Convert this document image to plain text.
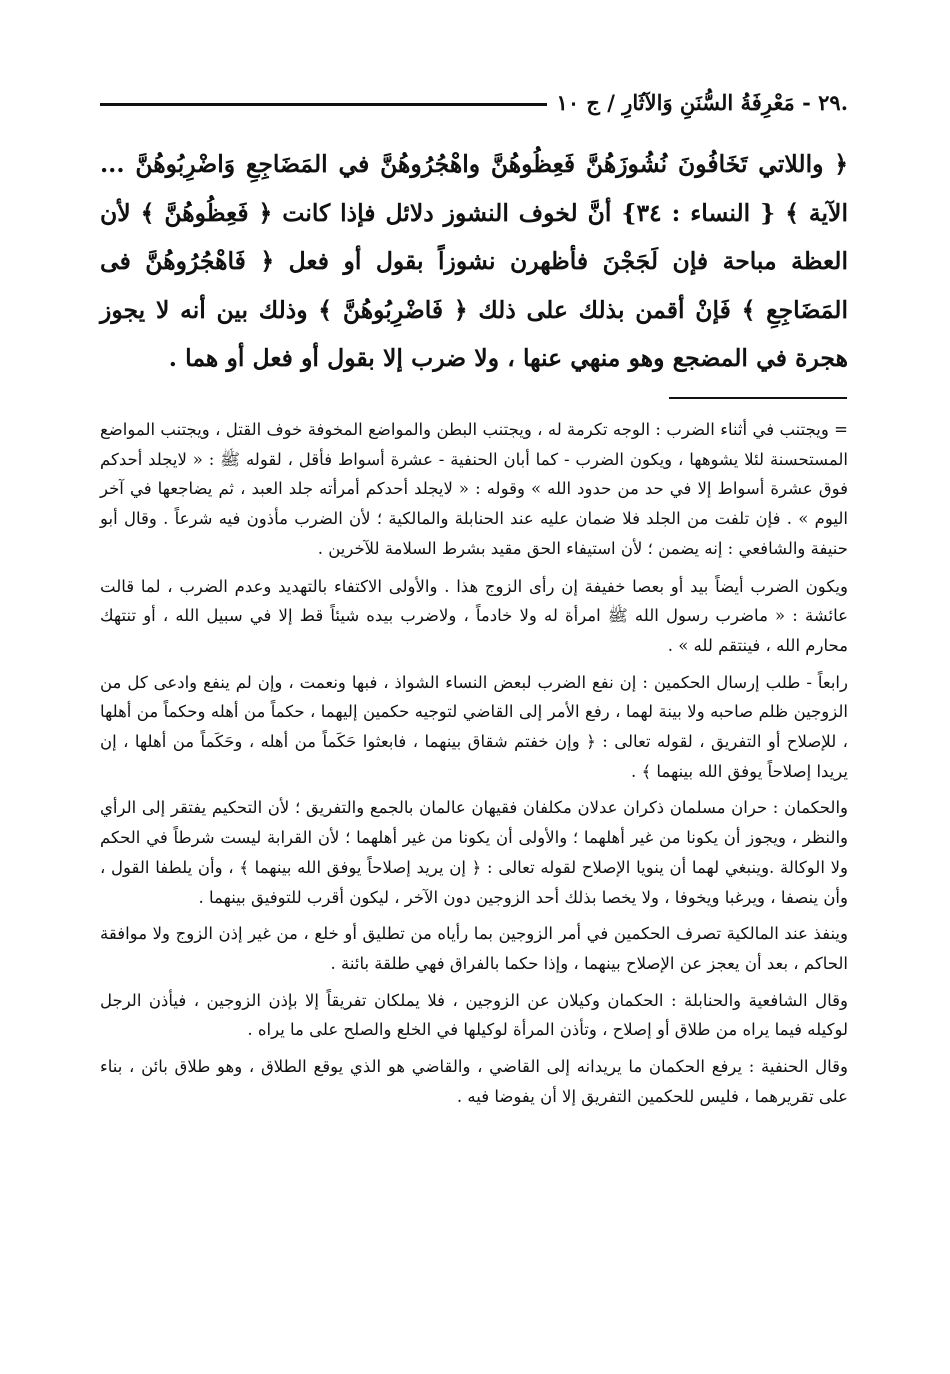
.٢٩ - مَعْرِفَةُ السُّنَنِ وَالآثَارِ / ج ١٠

﴿ واللاتي تَخَافُونَ نُشُوزَهُنَّ فَعِظُوهُنَّ واهْجُرُوهُنَّ في المَضَاجِعِ وَاضْرِبُوهُنَّ ... الآية ﴾ { النساء : ٣٤} أنَّ لخوف النشوز دلائل فإذا كانت ﴿ فَعِظُوهُنَّ ﴾ لأن العظة مباحة فإن لَجَجْنَ فأظهرن نشوزاً بقول أو فعل ﴿ فَاهْجُرُوهُنَّ فى المَضَاجِعِ ﴾ فَإنْ أقمن بذلك على ذلك ﴿ فَاضْرِبُوهُنَّ ﴾ وذلك بين أنه لا يجوز هجرة في المضجع وهو منهي عنها ، ولا ضرب إلا بقول أو فعل أو هما .

= ويجتنب في أثناء الضرب : الوجه تكرمة له ، ويجتنب البطن والمواضع المخوفة خوف القتل ، ويجتنب المواضع المستحسنة لئلا يشوهها ، ويكون الضرب - كما أبان الحنفية - عشرة أسواط فأقل ، لقوله ﷺ : « لايجلد أحدكم فوق عشرة أسواط إلا في حد من حدود الله » وقوله : « لايجلد أحدكم أمرأته جلد العبد ، ثم يضاجعها في آخر اليوم » . فإن تلفت من الجلد فلا ضمان عليه عند الحنابلة والمالكية ؛ لأن الضرب مأذون فيه شرعاً . وقال أبو حنيفة والشافعي : إنه يضمن ؛ لأن استيفاء الحق مقيد بشرط السلامة للآخرين .

ويكون الضرب أيضاً بيد أو بعصا خفيفة إن رأى الزوج هذا . والأولى الاكتفاء بالتهديد وعدم الضرب ، لما قالت عائشة : « ماضرب رسول الله ﷺ امرأة له ولا خادماً ، ولاضرب بيده شيئاً قط إلا في سبيل الله ، أو تنتهك محارم الله ، فينتقم لله » .

رابعاً - طلب إرسال الحكمين : إن نفع الضرب لبعض النساء الشواذ ، فبها ونعمت ، وإن لم ينفع وادعى كل من الزوجين ظلم صاحبه ولا بينة لهما ، رفع الأمر إلى القاضي لتوجيه حكمين إليهما ، حكماً من أهله وحكماً من أهلها ، للإصلاح أو التفريق ، لقوله تعالى : ﴿ وإن خفتم شقاق بينهما ، فابعثوا حَكَماً من أهله ، وحَكَماً من أهلها ، إن يريدا إصلاحاً يوفق الله بينهما ﴾ .

والحكمان : حران مسلمان ذكران عدلان مكلفان فقيهان عالمان بالجمع والتفريق ؛ لأن التحكيم يفتقر إلى الرأي والنظر ، ويجوز أن يكونا من غير أهلهما ؛ والأولى أن يكونا من غير أهلهما ؛ لأن القرابة ليست شرطاً في الحكم ولا الوكالة .وينبغي لهما أن ينويا الإصلاح لقوله تعالى : ﴿ إن يريد إصلاحاً يوفق الله بينهما ﴾ ، وأن يلطفا القول ، وأن ينصفا ، ويرغبا ويخوفا ، ولا يخصا بذلك أحد الزوجين دون الآخر ، ليكون أقرب للتوفيق بينهما .

وينفذ عند المالكية تصرف الحكمين في أمر الزوجين بما رأياه من تطليق أو خلع ، من غير إذن الزوج ولا موافقة الحاكم ، بعد أن يعجز عن الإصلاح بينهما ، وإذا حكما بالفراق فهي طلقة بائنة .

وقال الشافعية والحنابلة : الحكمان وكيلان عن الزوجين ، فلا يملكان تفريقاً إلا بإذن الزوجين ، فيأذن الرجل لوكيله فيما يراه من طلاق أو إصلاح ، وتأذن المرأة لوكيلها في الخلع والصلح على ما يراه .

وقال الحنفية : يرفع الحكمان ما يريدانه إلى القاضي ، والقاضي هو الذي يوقع الطلاق ، وهو طلاق بائن ، بناء على تقريرهما ، فليس للحكمين التفريق إلا أن يفوضا فيه .
